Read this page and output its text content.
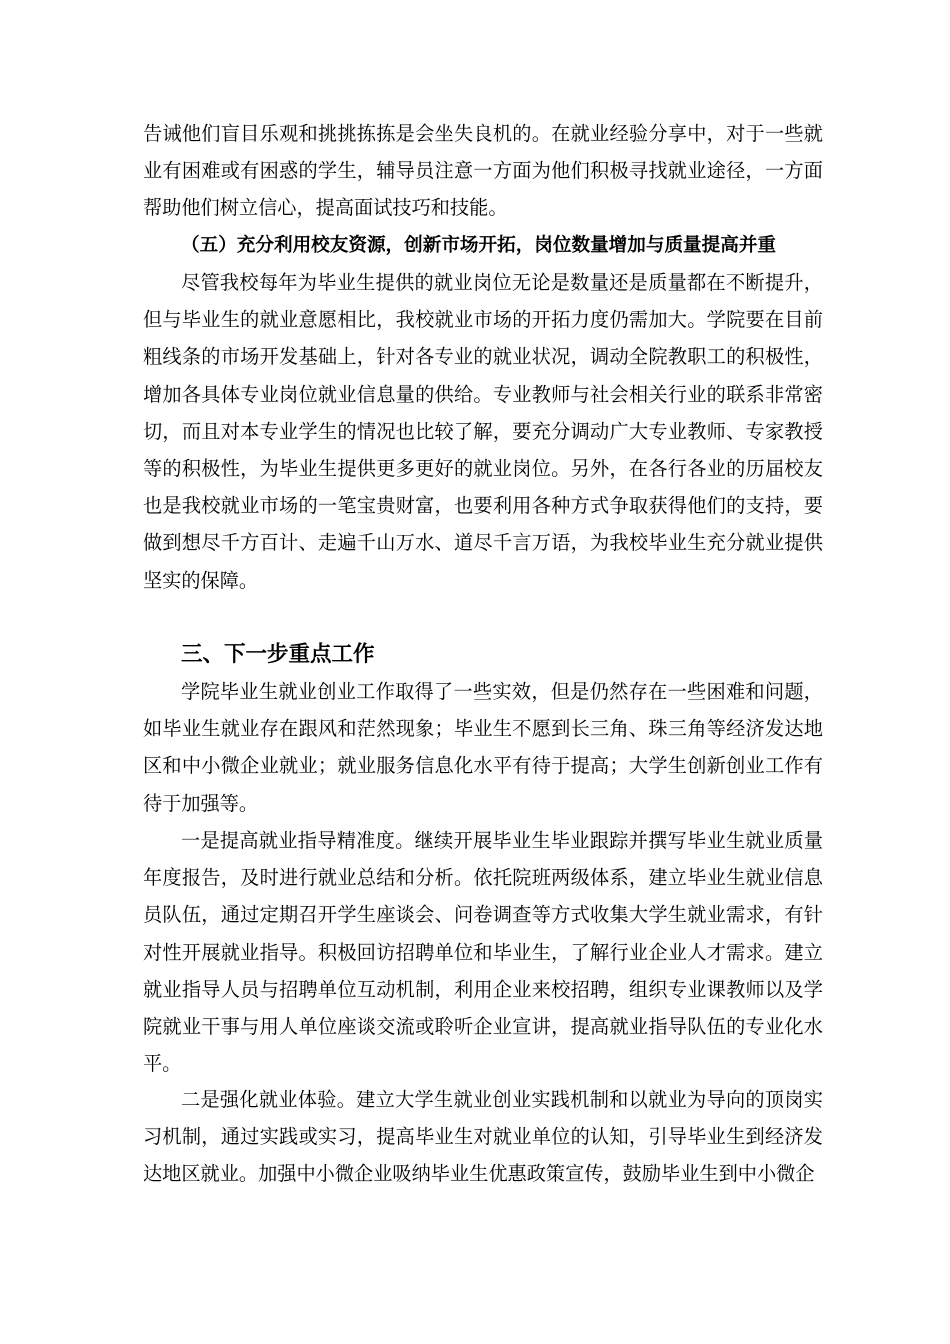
告诫他们盲目乐观和挑挑拣拣是会坐失良机的。在就业经验分享中，对于一些就业有困难或有困惑的学生，辅导员注意一方面为他们积极寻找就业途径，一方面帮助他们树立信心，提高面试技巧和技能。

（五）充分利用校友资源，创新市场开拓，岗位数量增加与质量提高并重

尽管我校每年为毕业生提供的就业岗位无论是数量还是质量都在不断提升，但与毕业生的就业意愿相比，我校就业市场的开拓力度仍需加大。学院要在目前粗线条的市场开发基础上，针对各专业的就业状况，调动全院教职工的积极性，增加各具体专业岗位就业信息量的供给。专业教师与社会相关行业的联系非常密切，而且对本专业学生的情况也比较了解，要充分调动广大专业教师、专家教授等的积极性，为毕业生提供更多更好的就业岗位。另外，在各行各业的历届校友也是我校就业市场的一笔宝贵财富，也要利用各种方式争取获得他们的支持，要做到想尽千方百计、走遍千山万水、道尽千言万语，为我校毕业生充分就业提供坚实的保障。

三、下一步重点工作

学院毕业生就业创业工作取得了一些实效，但是仍然存在一些困难和问题，如毕业生就业存在跟风和茫然现象；毕业生不愿到长三角、珠三角等经济发达地区和中小微企业就业；就业服务信息化水平有待于提高；大学生创新创业工作有待于加强等。

一是提高就业指导精准度。继续开展毕业生毕业跟踪并撰写毕业生就业质量年度报告，及时进行就业总结和分析。依托院班两级体系，建立毕业生就业信息员队伍，通过定期召开学生座谈会、问卷调查等方式收集大学生就业需求，有针对性开展就业指导。积极回访招聘单位和毕业生，了解行业企业人才需求。建立就业指导人员与招聘单位互动机制，利用企业来校招聘，组织专业课教师以及学院就业干事与用人单位座谈交流或聆听企业宣讲，提高就业指导队伍的专业化水平。

二是强化就业体验。建立大学生就业创业实践机制和以就业为导向的顶岗实习机制，通过实践或实习，提高毕业生对就业单位的认知，引导毕业生到经济发达地区就业。加强中小微企业吸纳毕业生优惠政策宣传，鼓励毕业生到中小微企
